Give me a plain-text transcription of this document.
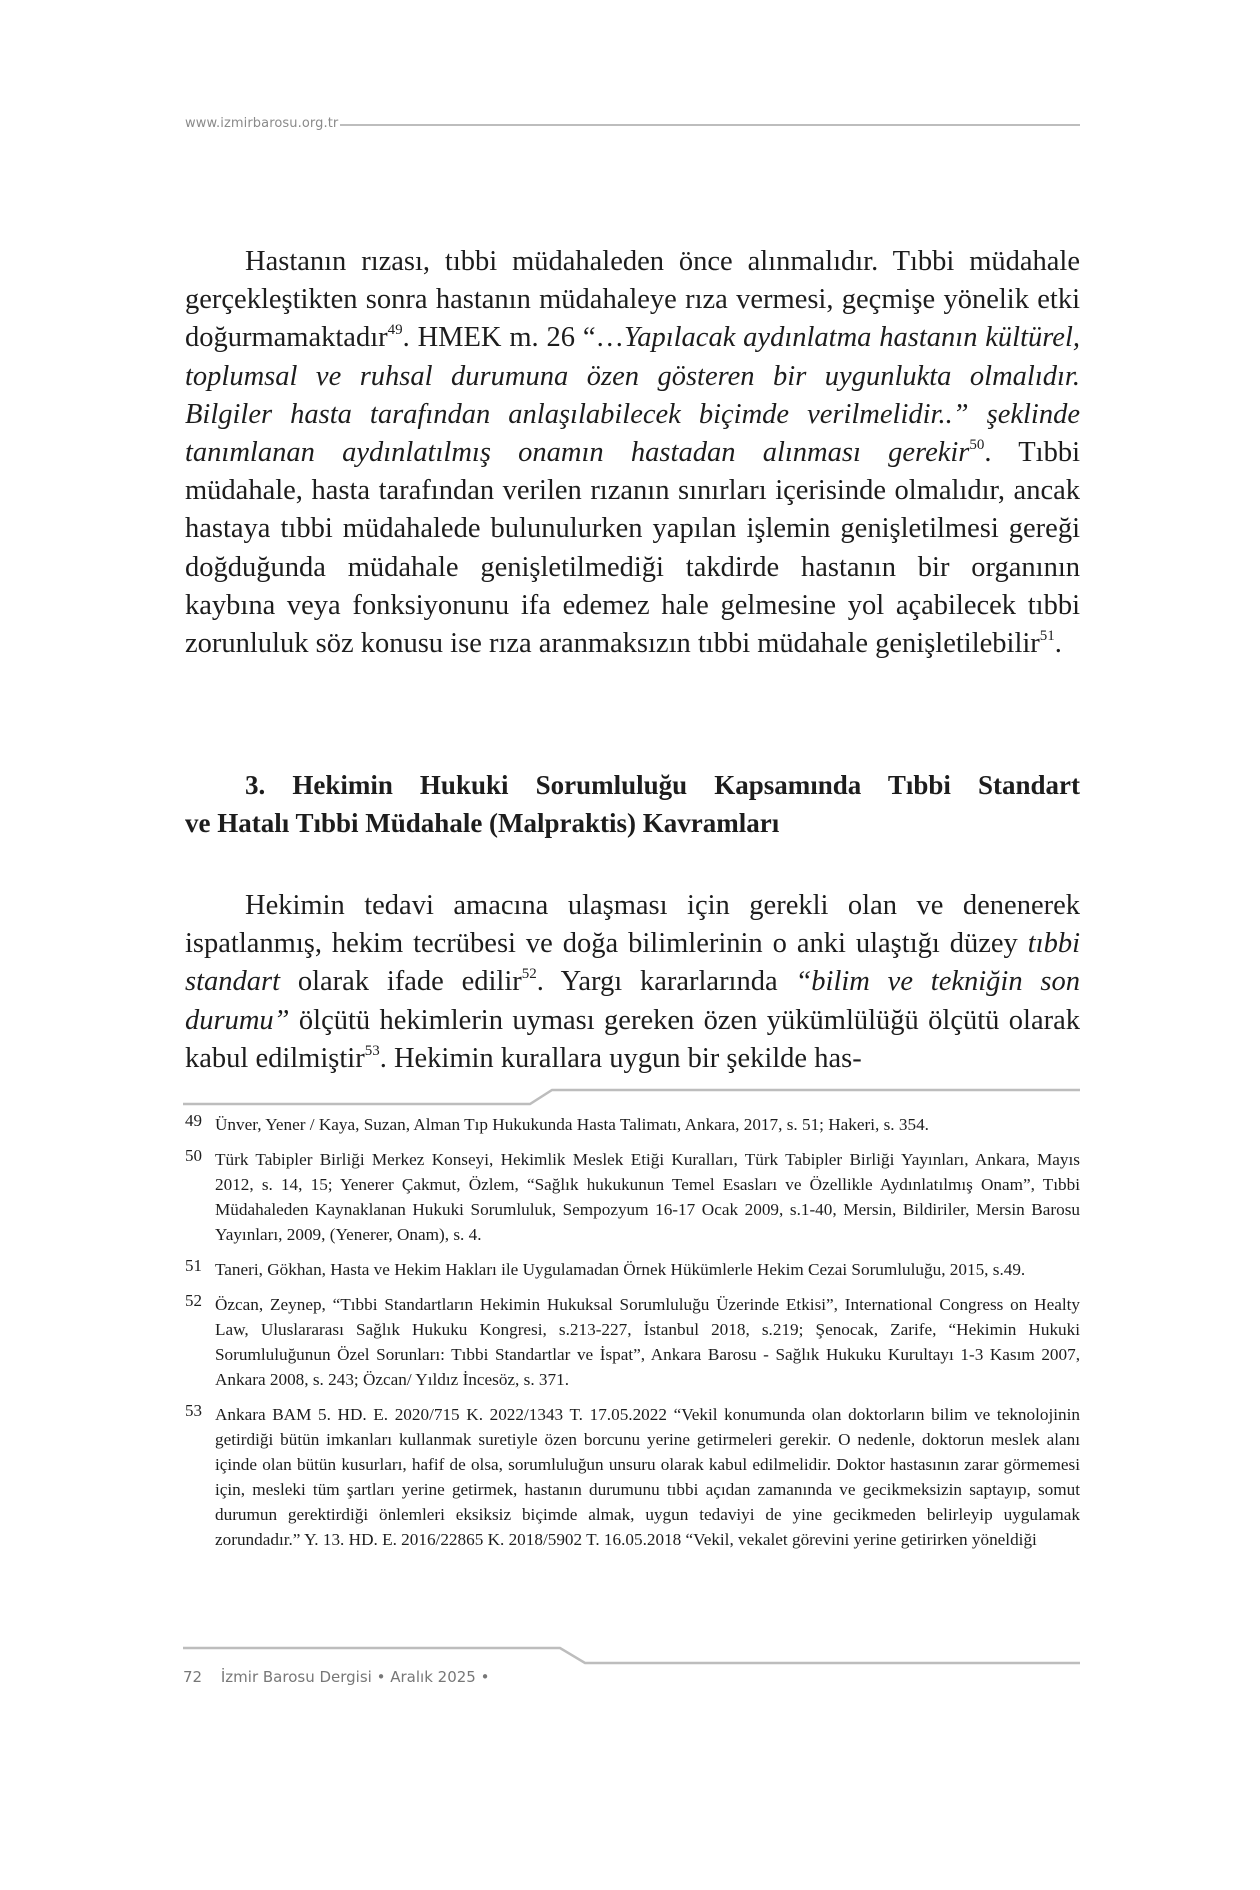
www.izmirbarosu.org.tr

Hastanın rızası, tıbbi müdahaleden önce alınmalıdır. Tıbbi müdahale gerçekleştikten sonra hastanın müdahaleye rıza vermesi, geçmişe yönelik etki doğurmamaktadır$^{49}$. HMEK m. 26 “…Yapılacak aydınlatma hastanın kültürel, toplumsal ve ruhsal durumuna özen gösteren bir uygunlukta olmalıdır. Bilgiler hasta tarafından anlaşılabilecek biçimde verilmelidir..” şeklinde tanımlanan aydınlatılmış onamın hastadan alınması gerekir$^{50}$. Tıbbi müdahale, hasta tarafından verilen rızanın sınırları içerisinde olmalıdır, ancak hastaya tıbbi müdahalede bulunulurken yapılan işlemin genişletilmesi gereği doğduğunda müdahale genişletilmediği takdirde hastanın bir organının kaybına veya fonksiyonunu ifa edemez hale gelmesine yol açabilecek tıbbi zorunluluk söz konusu ise rıza aranmaksızın tıbbi müdahale genişletilebilir$^{51}$.

3. Hekimin Hukuki Sorumluluğu Kapsamında Tıbbi Standart
ve Hatalı Tıbbi Müdahale (Malpraktis) Kavramları

Hekimin tedavi amacına ulaşması için gerekli olan ve denenerek ispatlanmış, hekim tecrübesi ve doğa bilimlerinin o anki ulaştığı düzey tıbbi standart olarak ifade edilir$^{52}$. Yargı kararlarında “bilim ve tekniğin son durumu” ölçütü hekimlerin uyması gereken özen yükümlülüğü ölçütü olarak kabul edilmiştir$^{53}$. Hekimin kurallara uygun bir şekilde has-

49 Ünver, Yener / Kaya, Suzan, Alman Tıp Hukukunda Hasta Talimatı, Ankara, 2017, s. 51; Hakeri, s. 354.
50 Türk Tabipler Birliği Merkez Konseyi, Hekimlik Meslek Etiği Kuralları, Türk Tabipler Birliği Yayınları, Ankara, Mayıs 2012, s. 14, 15; Yenerer Çakmut, Özlem, “Sağlık hukukunun Temel Esasları ve Özellikle Aydınlatılmış Onam”, Tıbbi Müdahaleden Kaynaklanan Hukuki Sorumluluk, Sempozyum 16-17 Ocak 2009, s.1-40, Mersin, Bildiriler, Mersin Barosu Yayınları, 2009, (Yenerer, Onam), s. 4.
51 Taneri, Gökhan, Hasta ve Hekim Hakları ile Uygulamadan Örnek Hükümlerle Hekim Cezai Sorumluluğu, 2015, s.49.
52 Özcan, Zeynep, “Tıbbi Standartların Hekimin Hukuksal Sorumluluğu Üzerinde Etkisi”, International Congress on Healty Law, Uluslararası Sağlık Hukuku Kongresi, s.213-227, İstanbul 2018, s.219; Şenocak, Zarife, “Hekimin Hukuki Sorumluluğunun Özel Sorunları: Tıbbi Standartlar ve İspat”, Ankara Barosu - Sağlık Hukuku Kurultayı 1-3 Kasım 2007, Ankara 2008, s. 243; Özcan/ Yıldız İncesöz, s. 371.
53 Ankara BAM 5. HD. E. 2020/715 K. 2022/1343 T. 17.05.2022 “Vekil konumunda olan doktorların bilim ve teknolojinin getirdiği bütün imkanları kullanmak suretiyle özen borcunu yerine getirmeleri gerekir. O nedenle, doktorun meslek alanı içinde olan bütün kusurları, hafif de olsa, sorumluluğun unsuru olarak kabul edilmelidir. Doktor hastasının zarar görmemesi için, mesleki tüm şartları yerine getirmek, hastanın durumunu tıbbi açıdan zamanında ve gecikmeksizin saptayıp, somut durumun gerektirdiği önlemleri eksiksiz biçimde almak, uygun tedaviyi de yine gecikmeden belirleyip uygulamak zorundadır.” Y. 13. HD. E. 2016/22865 K. 2018/5902 T. 16.05.2018 “Vekil, vekalet görevini yerine getirirken yöneldiği
72 İzmir Barosu Dergisi • Aralık 2025 •
